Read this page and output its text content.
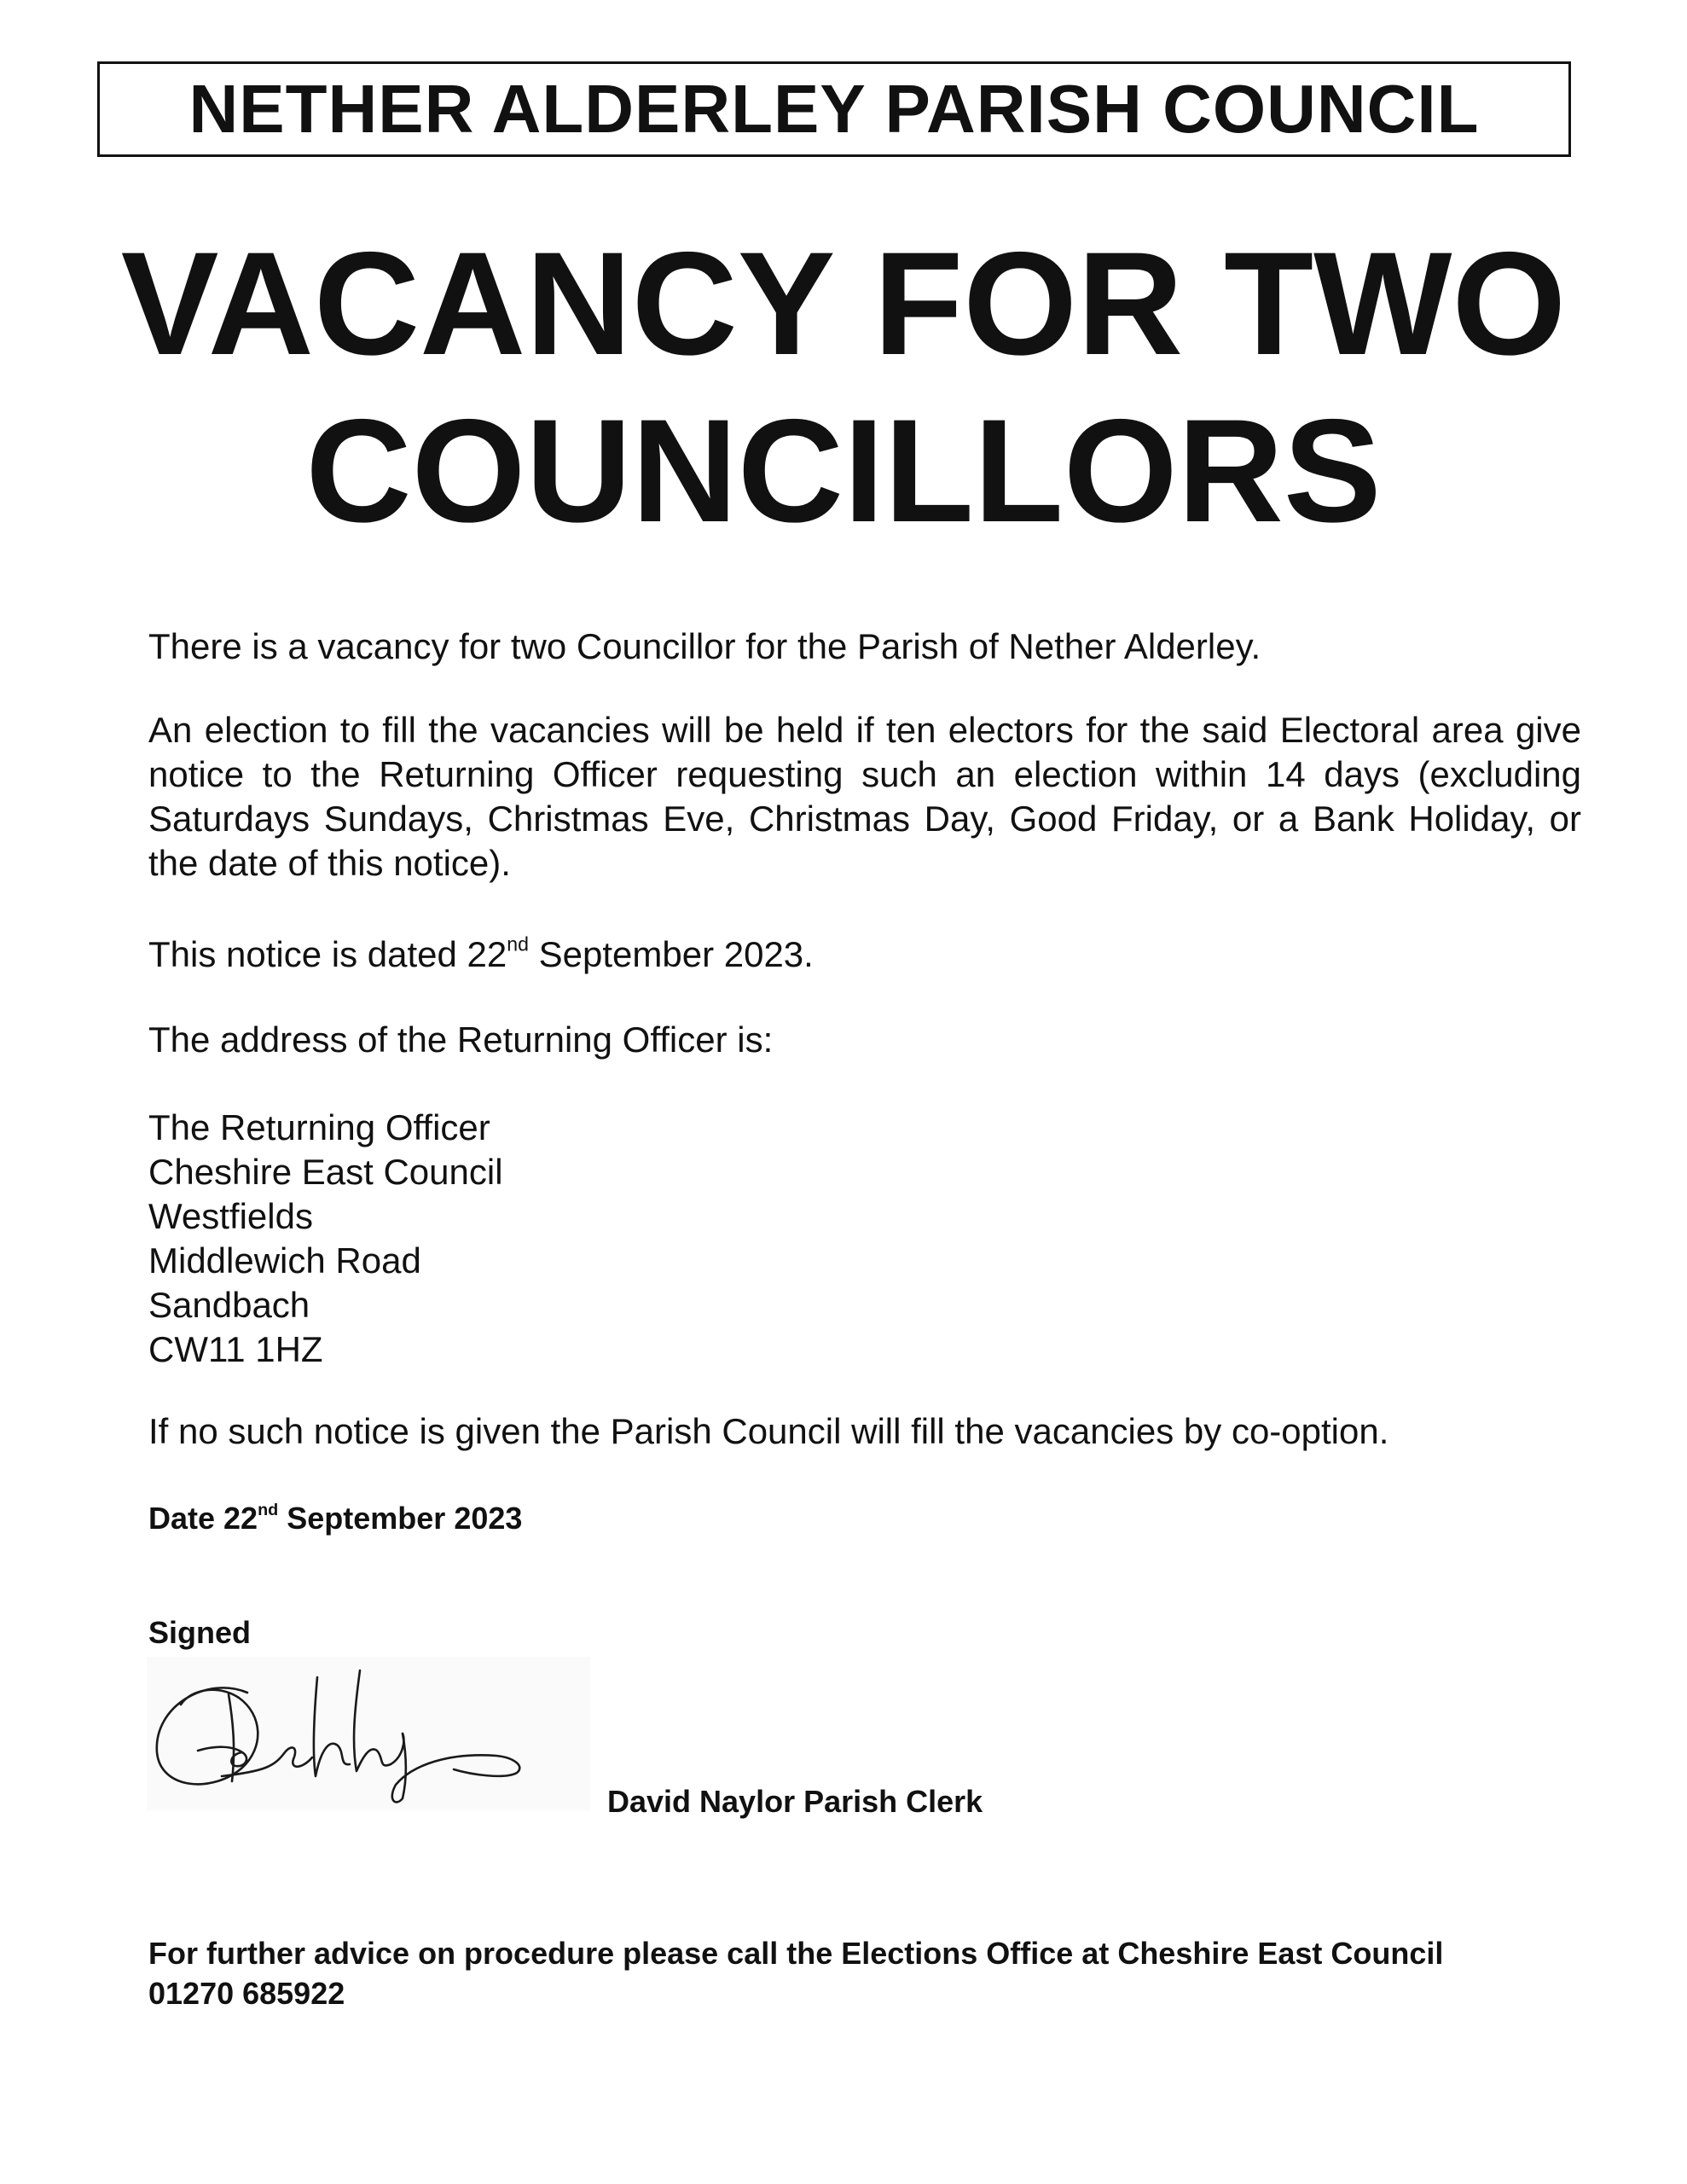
NETHER ALDERLEY PARISH COUNCIL
VACANCY FOR TWO
COUNCILLORS
There is a vacancy for two Councillor for the Parish of Nether Alderley.
An election to fill the vacancies will be held if ten electors for the said Electoral area give notice to the Returning Officer requesting such an election within 14 days (excluding Saturdays Sundays, Christmas Eve, Christmas Day, Good Friday, or a Bank Holiday, or the date of this notice).
This notice is dated 22nd September 2023.
The address of the Returning Officer is:
The Returning Officer
Cheshire East Council
Westfields
Middlewich Road
Sandbach
CW11 1HZ
If no such notice is given the Parish Council will fill the vacancies by co-option.
Date 22nd September 2023
Signed
David Naylor Parish Clerk
For further advice on procedure please call the Elections Office at Cheshire East Council
01270 685922
